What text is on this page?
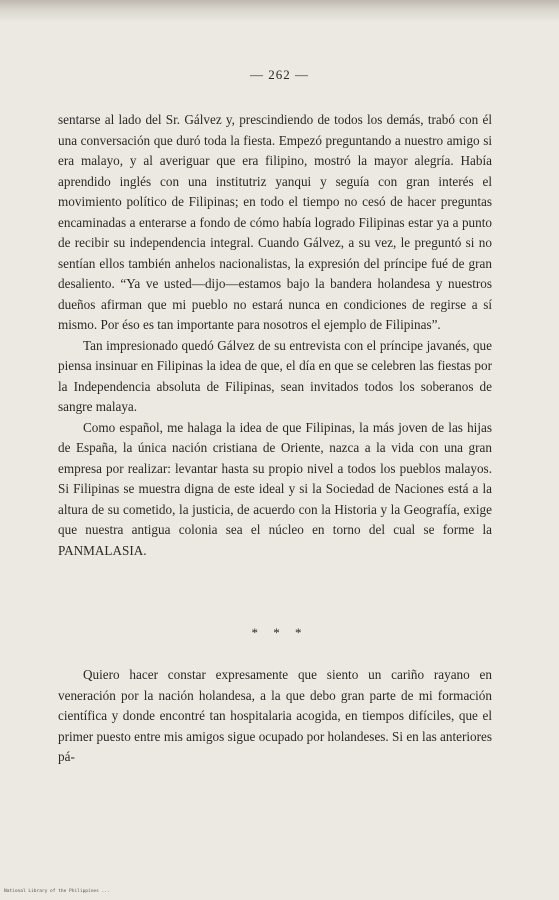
— 262 —

sentarse al lado del Sr. Gálvez y, prescindiendo de todos los demás, trabó con él una conversación que duró toda la fiesta. Empezó preguntando a nuestro amigo si era malayo, y al averiguar que era filipino, mostró la mayor alegría. Había aprendido inglés con una institutriz yanqui y seguía con gran interés el movimiento político de Filipinas; en todo el tiempo no cesó de hacer preguntas encaminadas a enterarse a fondo de cómo había logrado Filipinas estar ya a punto de recibir su independencia integral. Cuando Gálvez, a su vez, le preguntó si no sentían ellos también anhelos nacionalistas, la expresión del príncipe fué de gran desaliento. “Ya ve usted—dijo—estamos bajo la bandera holandesa y nuestros dueños afirman que mi pueblo no estará nunca en condiciones de regirse a sí mismo. Por éso es tan importante para nosotros el ejemplo de Filipinas”.

Tan impresionado quedó Gálvez de su entrevista con el príncipe javanés, que piensa insinuar en Filipinas la idea de que, el día en que se celebren las fiestas por la Independencia absoluta de Filipinas, sean invitados todos los soberanos de sangre malaya.

Como español, me halaga la idea de que Filipinas, la más joven de las hijas de España, la única nación cristiana de Oriente, nazca a la vida con una gran empresa por realizar: levantar hasta su propio nivel a todos los pueblos malayos. Si Filipinas se muestra digna de este ideal y si la Sociedad de Naciones está a la altura de su cometido, la justicia, de acuerdo con la Historia y la Geografía, exige que nuestra antigua colonia sea el núcleo en torno del cual se forme la PANMALASIA.

* * *

Quiero hacer constar expresamente que siento un cariño rayano en veneración por la nación holandesa, a la que debo gran parte de mi formación científica y donde encontré tan hospitalaria acogida, en tiempos difíciles, que el primer puesto entre mis amigos sigue ocupado por holandeses. Si en las anteriores pá-

National Library of the Philippines ...
